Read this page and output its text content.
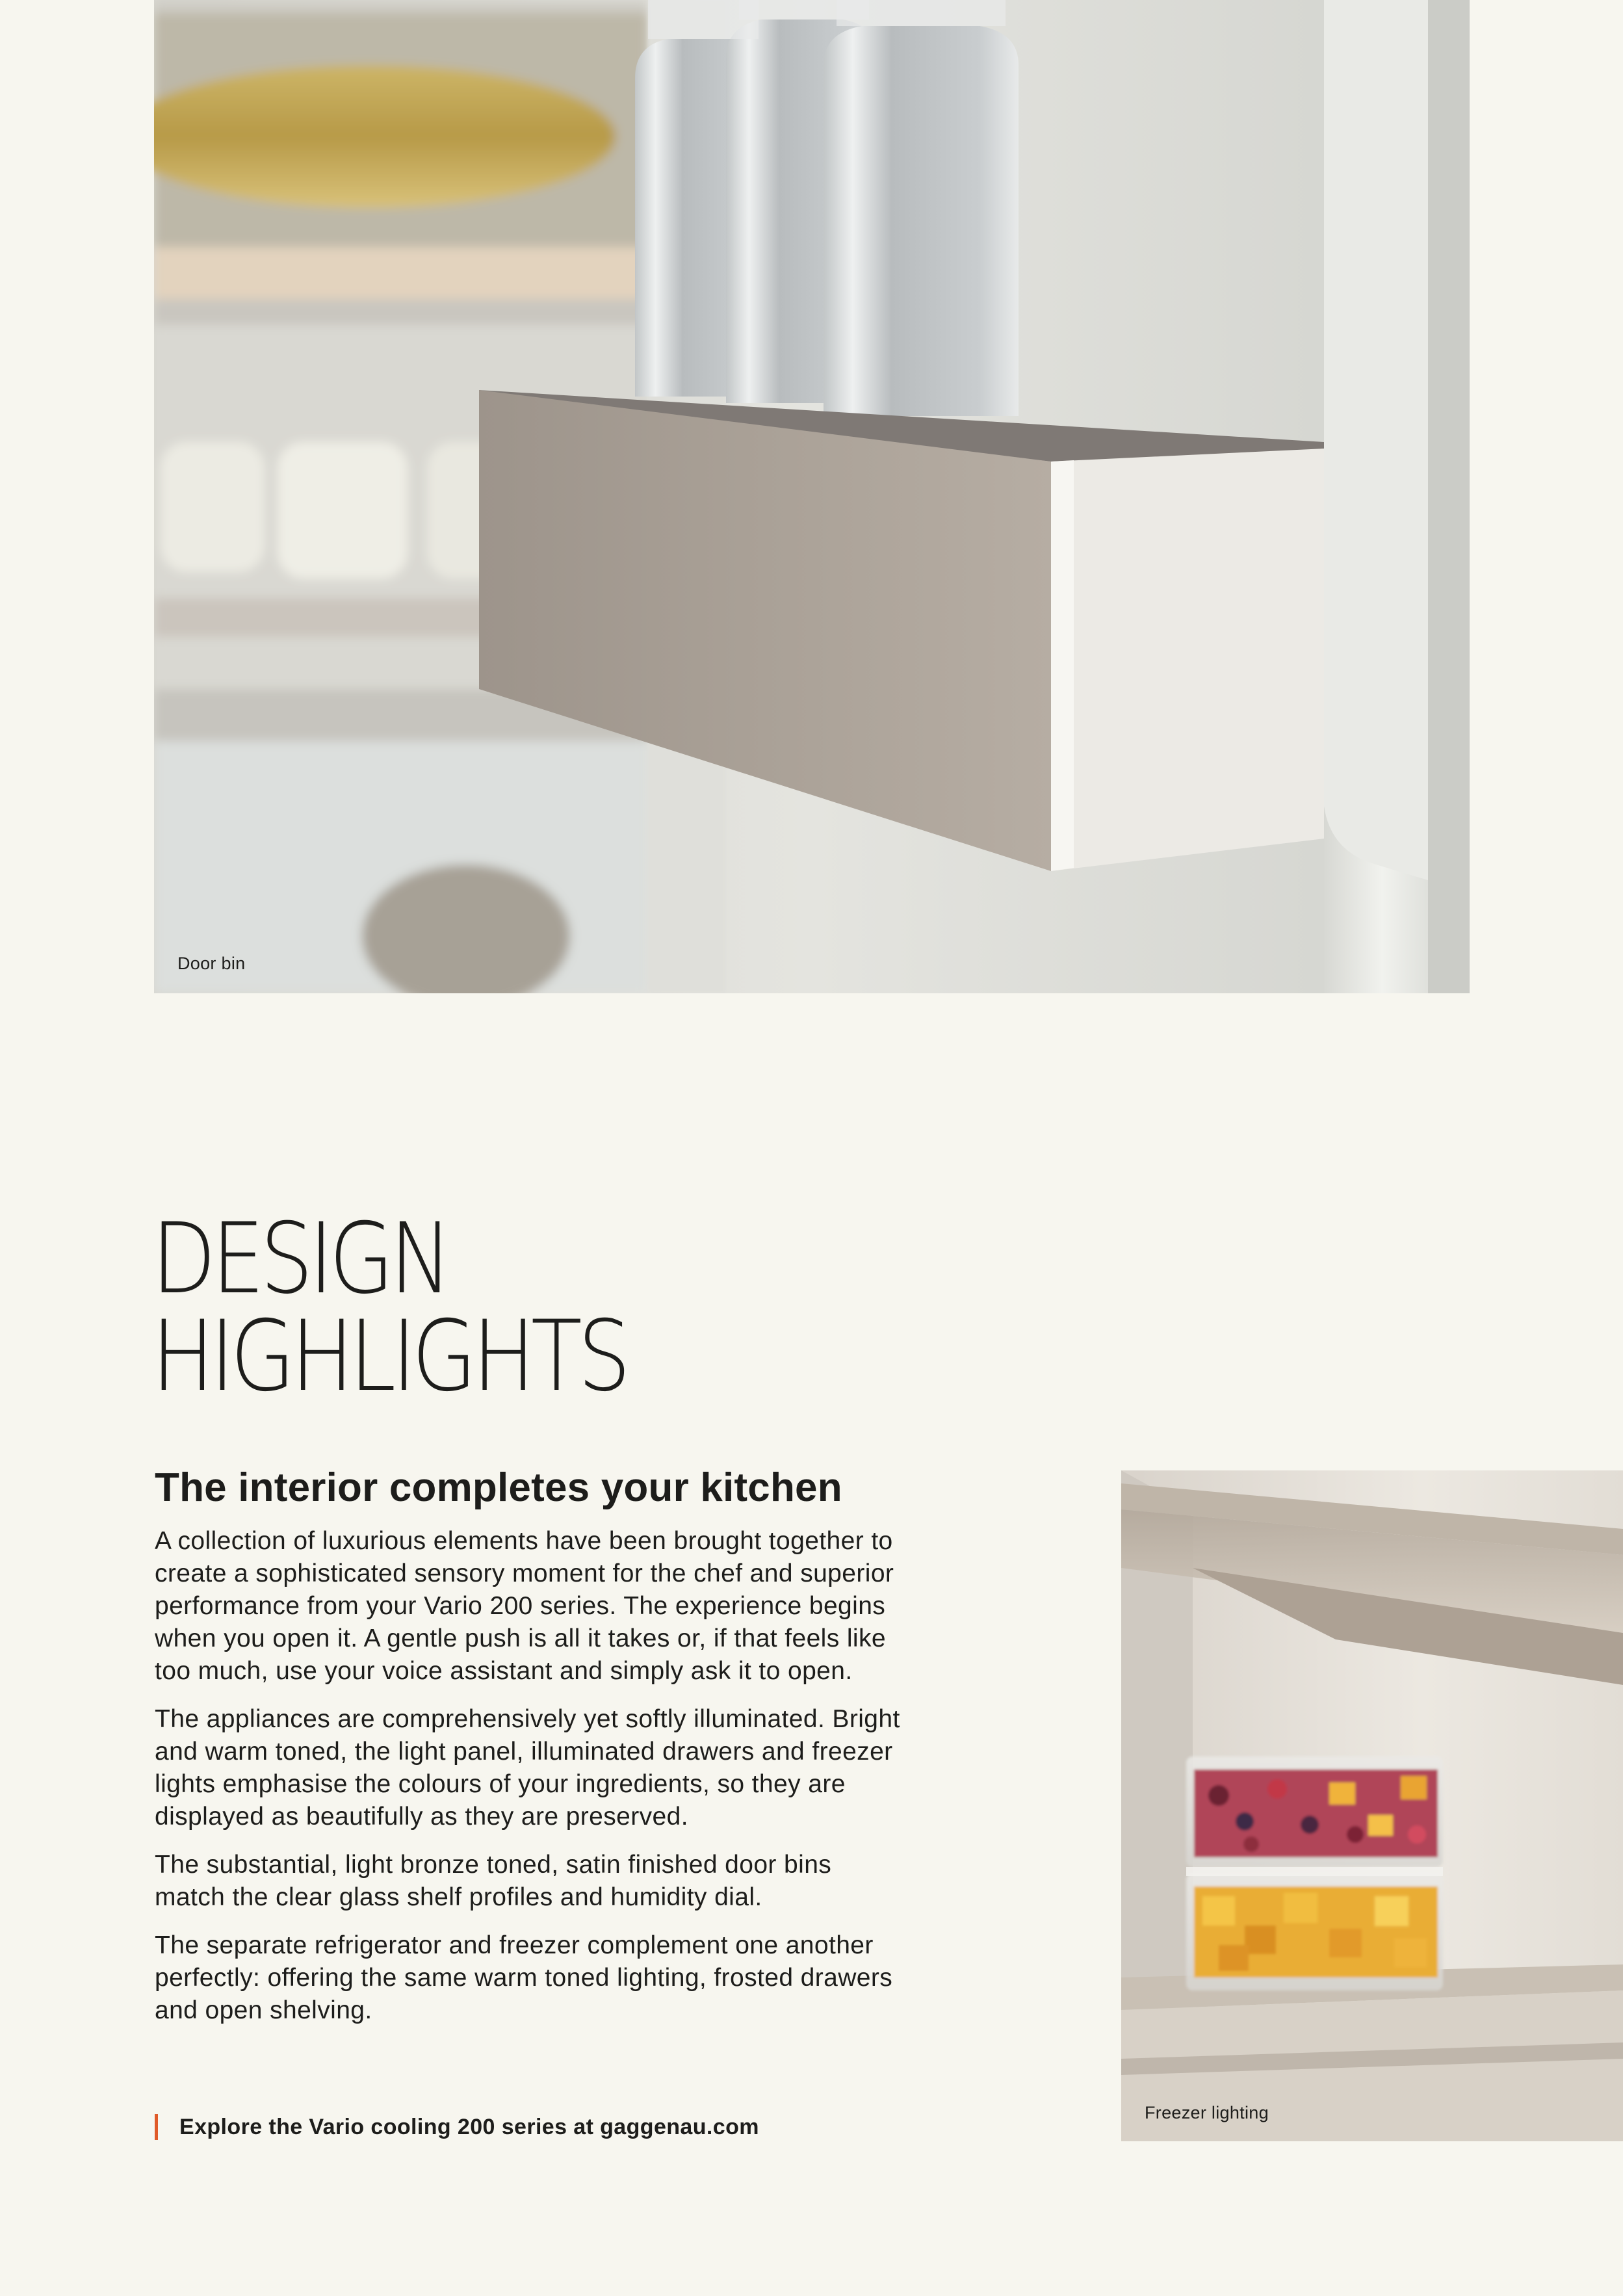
Door bin
DESIGN
HIGHLIGHTS
The interior completes your kitchen

A collection of luxurious elements have been brought together to create a sophisticated sensory moment for the chef and superior performance from your Vario 200 series. The experience begins when you open it. A gentle push is all it takes or, if that feels like too much, use your voice assistant and simply ask it to open.

The appliances are comprehensively yet softly illuminated. Bright and warm toned, the light panel, illuminated drawers and freezer lights emphasise the colours of your ingredients, so they are displayed as beautifully as they are preserved.

The substantial, light bronze toned, satin finished door bins match the clear glass shelf profiles and humidity dial.

The separate refrigerator and freezer complement one another perfectly: offering the same warm toned lighting, frosted drawers and open shelving.

Explore the Vario cooling 200 series at gaggenau.com
Freezer lighting
